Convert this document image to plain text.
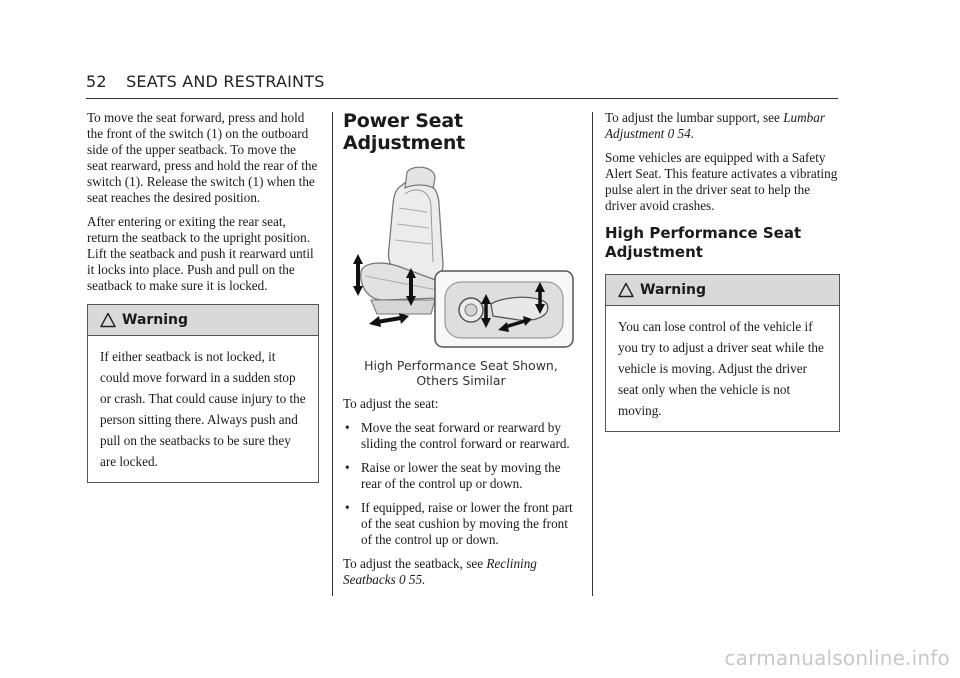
52 SEATS AND RESTRAINTS

To move the seat forward, press and hold the front of the switch (1) on the outboard side of the upper seatback. To move the seat rearward, press and hold the rear of the switch (1). Release the switch (1) when the seat reaches the desired position.

After entering or exiting the rear seat, return the seatback to the upright position. Lift the seatback and push it rearward until it locks into place. Push and pull on the seatback to make sure it is locked.

Warning
If either seatback is not locked, it could move forward in a sudden stop or crash. That could cause injury to the person sitting there. Always push and pull on the seatbacks to be sure they are locked.
Power Seat Adjustment
High Performance Seat Shown,
Others Similar

To adjust the seat:

• Move the seat forward or rearward by sliding the control forward or rearward.
• Raise or lower the seat by moving the rear of the control up or down.
• If equipped, raise or lower the front part of the seat cushion by moving the front of the control up or down.

To adjust the seatback, see Reclining Seatbacks 0 55.

To adjust the lumbar support, see Lumbar Adjustment 0 54.

Some vehicles are equipped with a Safety Alert Seat. This feature activates a vibrating pulse alert in the driver seat to help the driver avoid crashes.

High Performance Seat Adjustment
Warning
You can lose control of the vehicle if you try to adjust a driver seat while the vehicle is moving. Adjust the driver seat only when the vehicle is not moving.
carmanualsonline.info
